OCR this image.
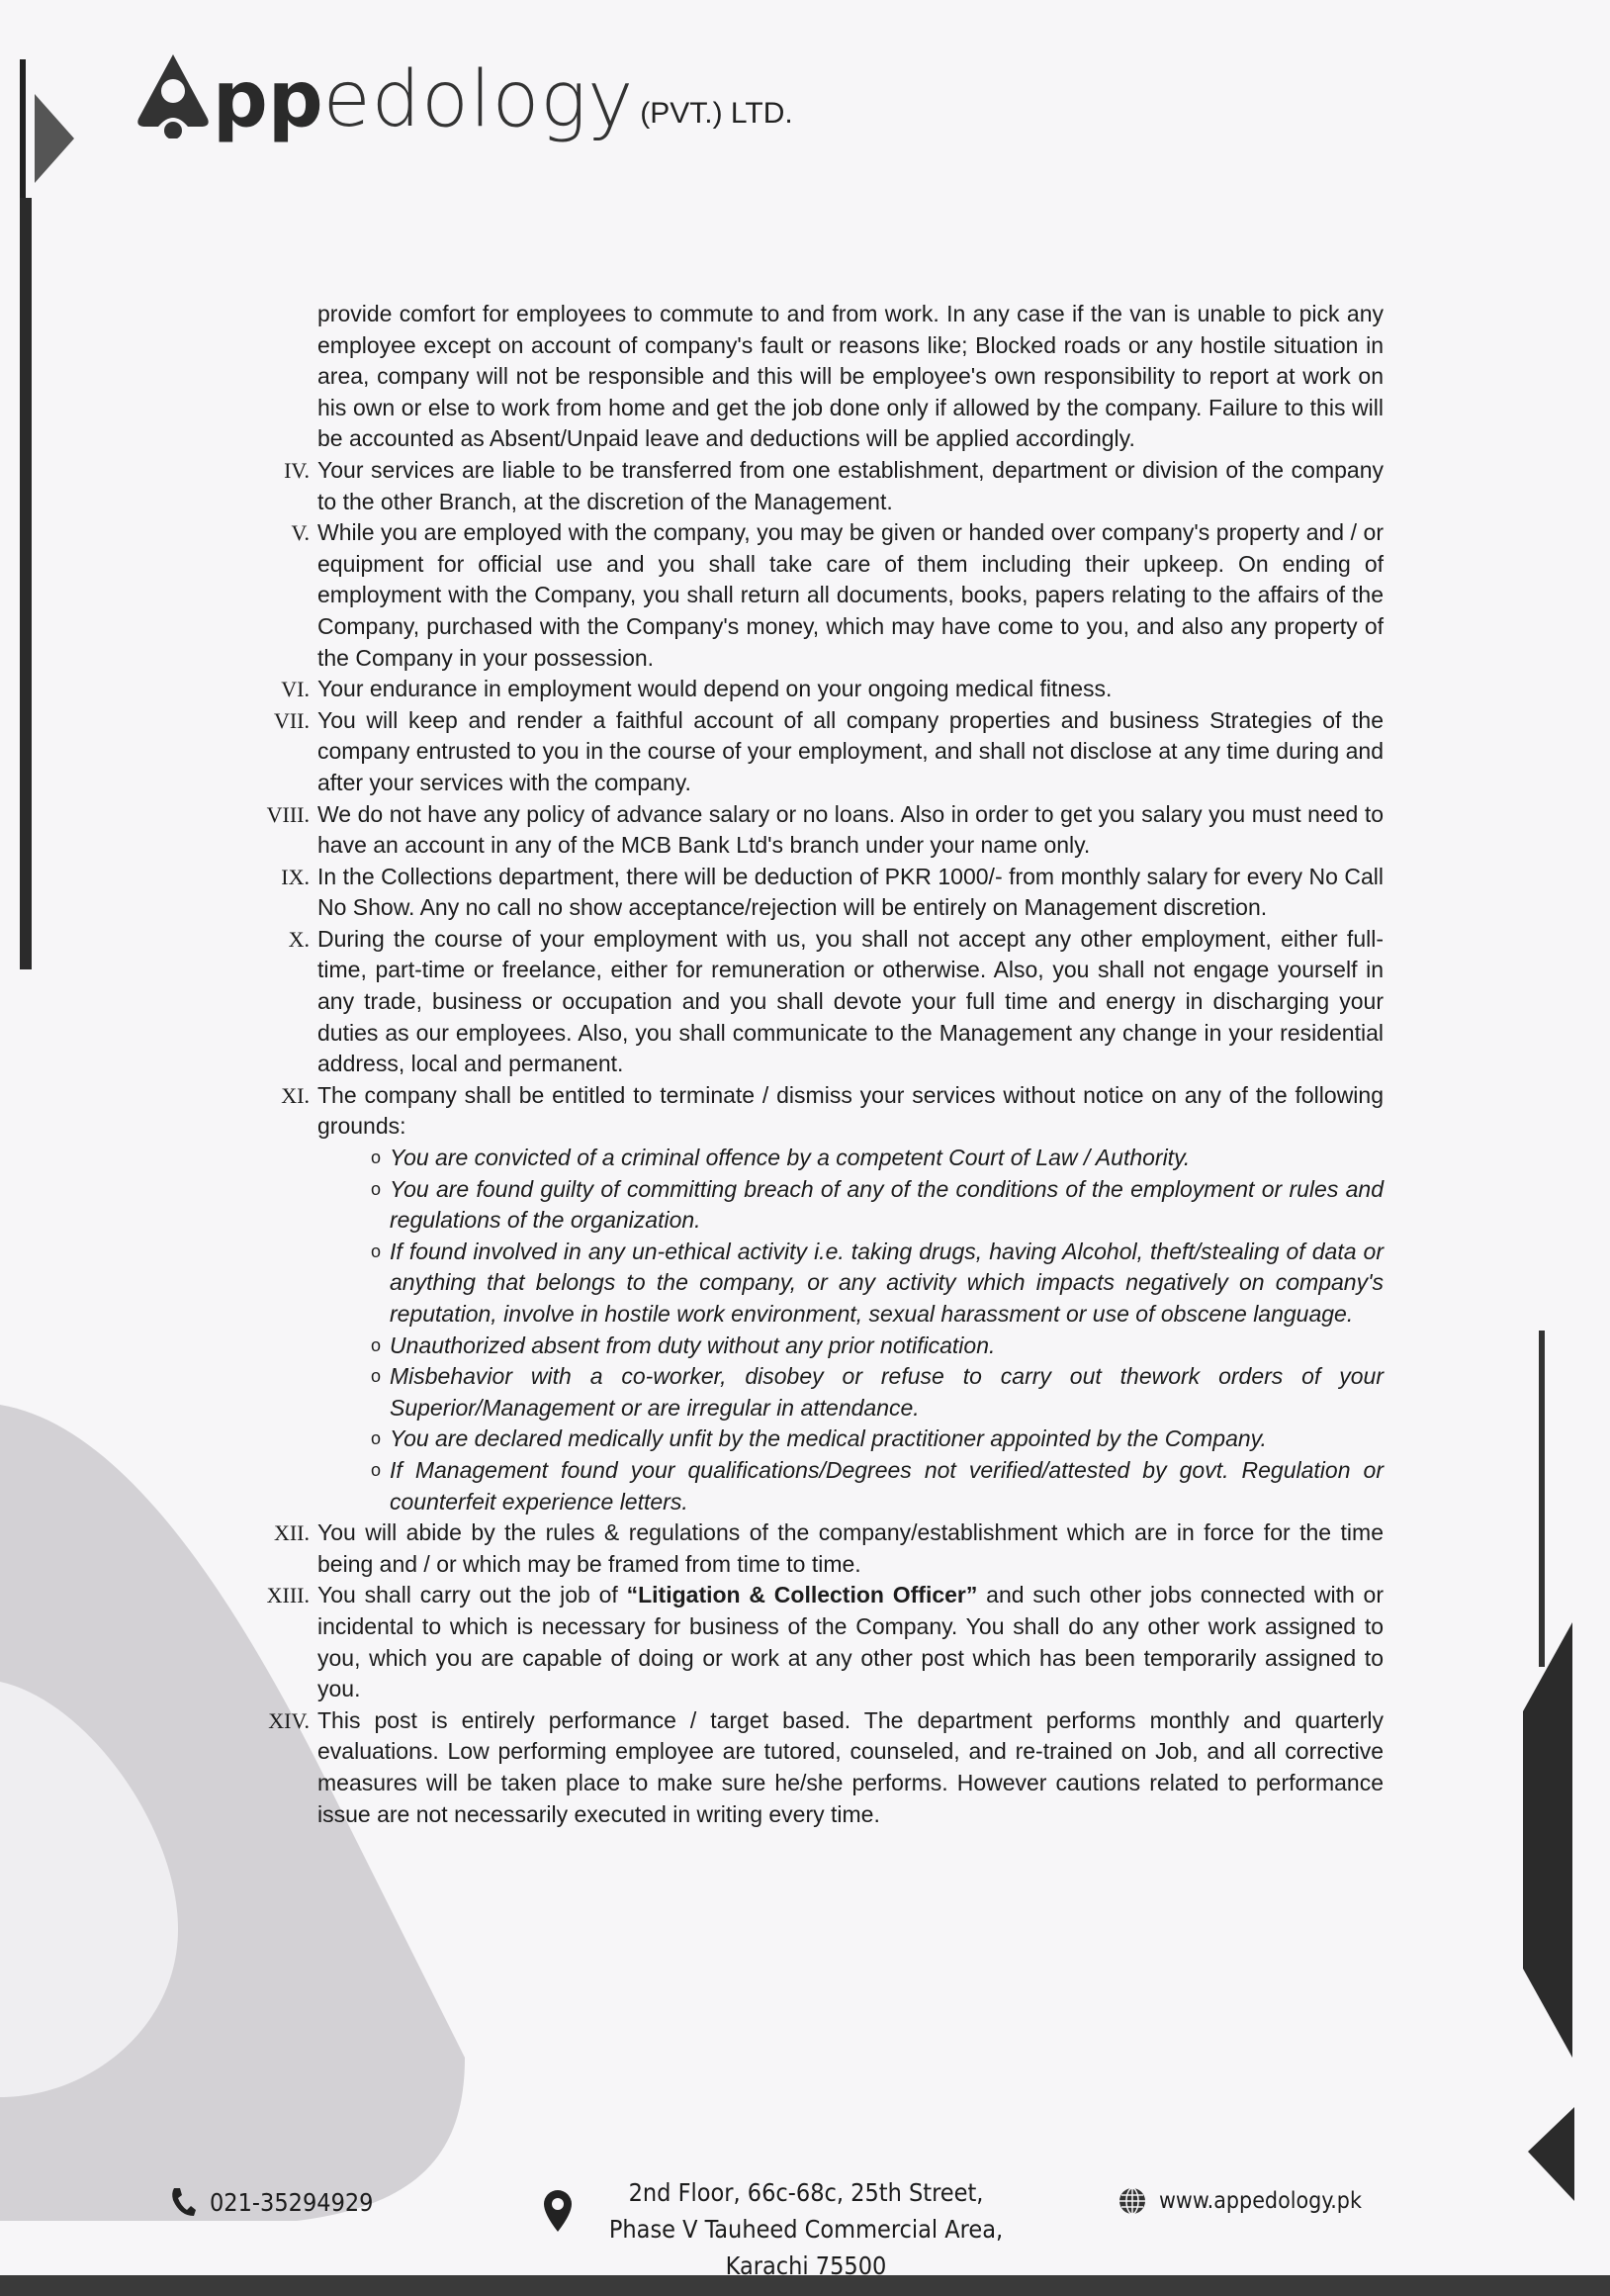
pp edology (PVT.) LTD.
provide comfort for employees to commute to and from work. In any case if the van is unable to pick any employee except on account of company's fault or reasons like; Blocked roads or any hostile situation in area, company will not be responsible and this will be employee's own responsibility to report at work on his own or else to work from home and get the job done only if allowed by the company. Failure to this will be accounted as Absent/Unpaid leave and deductions will be applied accordingly.
IV. Your services are liable to be transferred from one establishment, department or division of the company to the other Branch, at the discretion of the Management.
V. While you are employed with the company, you may be given or handed over company's property and / or equipment for official use and you shall take care of them including their upkeep. On ending of employment with the Company, you shall return all documents, books, papers relating to the affairs of the Company, purchased with the Company's money, which may have come to you, and also any property of the Company in your possession.
VI. Your endurance in employment would depend on your ongoing medical fitness.
VII. You will keep and render a faithful account of all company properties and business Strategies of the company entrusted to you in the course of your employment, and shall not disclose at any time during and after your services with the company.
VIII. We do not have any policy of advance salary or no loans. Also in order to get you salary you must need to have an account in any of the MCB Bank Ltd's branch under your name only.
IX. In the Collections department, there will be deduction of PKR 1000/- from monthly salary for every No Call No Show. Any no call no show acceptance/rejection will be entirely on Management discretion.
X. During the course of your employment with us, you shall not accept any other employment, either full-time, part-time or freelance, either for remuneration or otherwise. Also, you shall not engage yourself in any trade, business or occupation and you shall devote your full time and energy in discharging your duties as our employees. Also, you shall communicate to the Management any change in your residential address, local and permanent.
XI. The company shall be entitled to terminate / dismiss your services without notice on any of the following grounds:
o You are convicted of a criminal offence by a competent Court of Law / Authority.
o You are found guilty of committing breach of any of the conditions of the employment or rules and regulations of the organization.
o If found involved in any un-ethical activity i.e. taking drugs, having Alcohol, theft/stealing of data or anything that belongs to the company, or any activity which impacts negatively on company's reputation, involve in hostile work environment, sexual harassment or use of obscene language.
o Unauthorized absent from duty without any prior notification.
o Misbehavior with a co-worker, disobey or refuse to carry out thework orders of your Superior/Management or are irregular in attendance.
o You are declared medically unfit by the medical practitioner appointed by the Company.
o If Management found your qualifications/Degrees not verified/attested by govt. Regulation or counterfeit experience letters.
XII. You will abide by the rules & regulations of the company/establishment which are in force for the time being and / or which may be framed from time to time.
XIII. You shall carry out the job of “Litigation & Collection Officer” and such other jobs connected with or incidental to which is necessary for business of the Company. You shall do any other work assigned to you, which you are capable of doing or work at any other post which has been temporarily assigned to you.
XIV. This post is entirely performance / target based. The department performs monthly and quarterly evaluations. Low performing employee are tutored, counseled, and re-trained on Job, and all corrective measures will be taken place to make sure he/she performs. However cautions related to performance issue are not necessarily executed in writing every time.
021-35294929	2nd Floor, 66c-68c, 25th Street,
Phase V Tauheed Commercial Area,
Karachi 75500
www.appedology.pk
